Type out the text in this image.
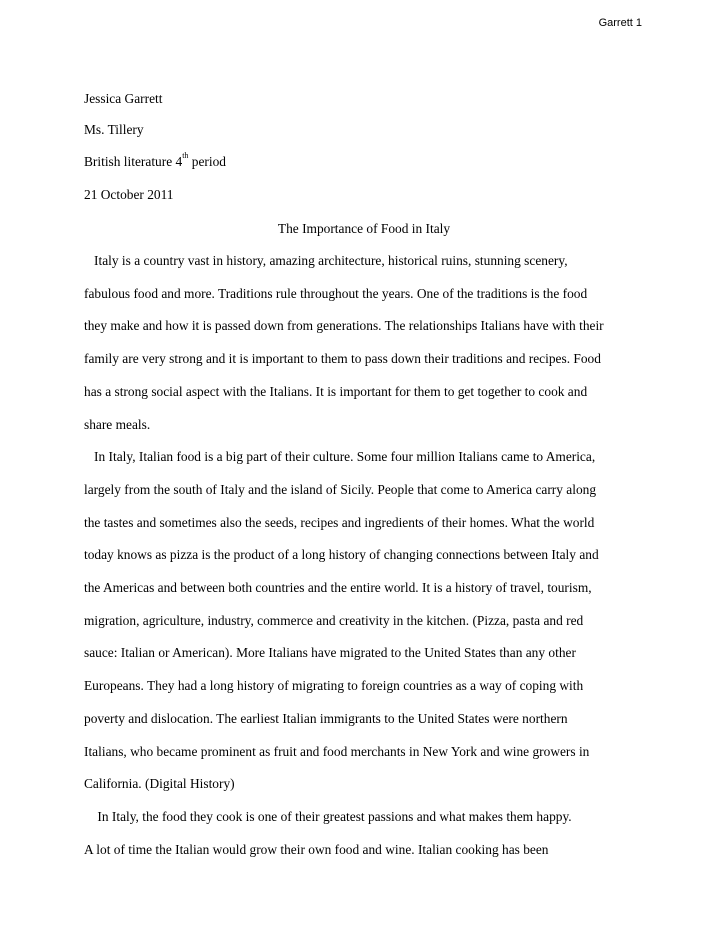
Garrett 1
Jessica Garrett
Ms. Tillery
British literature 4th period
21 October 2011
The Importance of Food in Italy
Italy is a country vast in history, amazing architecture, historical ruins, stunning scenery,
fabulous food and more. Traditions rule throughout the years. One of the traditions is the food
they make and how it is passed down from generations. The relationships Italians have with their
family are very strong and it is important to them to pass down their traditions and recipes. Food
has a strong social aspect with the Italians. It is important for them to get together to cook and
share meals.
In Italy, Italian food is a big part of their culture. Some four million Italians came to America,
largely from the south of Italy and the island of Sicily. People that come to America carry along
the tastes and sometimes also the seeds, recipes and ingredients of their homes. What the world
today knows as pizza is the product of a long history of changing connections between Italy and
the Americas and between both countries and the entire world. It is a history of travel, tourism,
migration, agriculture, industry, commerce and creativity in the kitchen. (Pizza, pasta and red
sauce: Italian or American). More Italians have migrated to the United States than any other
Europeans. They had a long history of migrating to foreign countries as a way of coping with
poverty and dislocation. The earliest Italian immigrants to the United States were northern
Italians, who became prominent as fruit and food merchants in New York and wine growers in
California. (Digital History)
In Italy, the food they cook is one of their greatest passions and what makes them happy.
A lot of time the Italian would grow their own food and wine. Italian cooking has been
